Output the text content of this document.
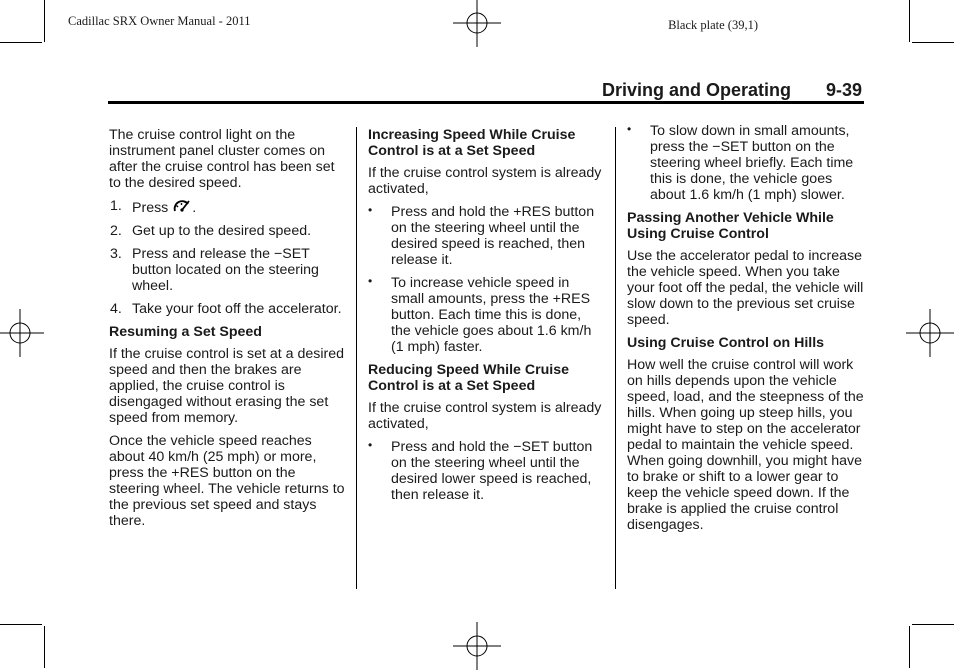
Cadillac SRX Owner Manual - 2011	Black plate (39,1)
Driving and Operating 9-39

The cruise control light on the instrument panel cluster comes on after the cruise control has been set to the desired speed.

1. Press .
2. Get up to the desired speed.
3. Press and release the −SET button located on the steering wheel.
4. Take your foot off the accelerator.

Resuming a Set Speed

If the cruise control is set at a desired speed and then the brakes are applied, the cruise control is disengaged without erasing the set speed from memory.

Once the vehicle speed reaches about 40 km/h (25 mph) or more, press the +RES button on the steering wheel. The vehicle returns to the previous set speed and stays there.

Increasing Speed While Cruise Control is at a Set Speed

If the cruise control system is already activated,

• Press and hold the +RES button on the steering wheel until the desired speed is reached, then release it.
• To increase vehicle speed in small amounts, press the +RES button. Each time this is done, the vehicle goes about 1.6 km/h (1 mph) faster.

Reducing Speed While Cruise Control is at a Set Speed

If the cruise control system is already activated,

• Press and hold the −SET button on the steering wheel until the desired lower speed is reached, then release it.
• To slow down in small amounts, press the −SET button on the steering wheel briefly. Each time this is done, the vehicle goes about 1.6 km/h (1 mph) slower.

Passing Another Vehicle While Using Cruise Control

Use the accelerator pedal to increase the vehicle speed. When you take your foot off the pedal, the vehicle will slow down to the previous set cruise speed.

Using Cruise Control on Hills

How well the cruise control will work on hills depends upon the vehicle speed, load, and the steepness of the hills. When going up steep hills, you might have to step on the accelerator pedal to maintain the vehicle speed. When going downhill, you might have to brake or shift to a lower gear to keep the vehicle speed down. If the brake is applied the cruise control disengages.
